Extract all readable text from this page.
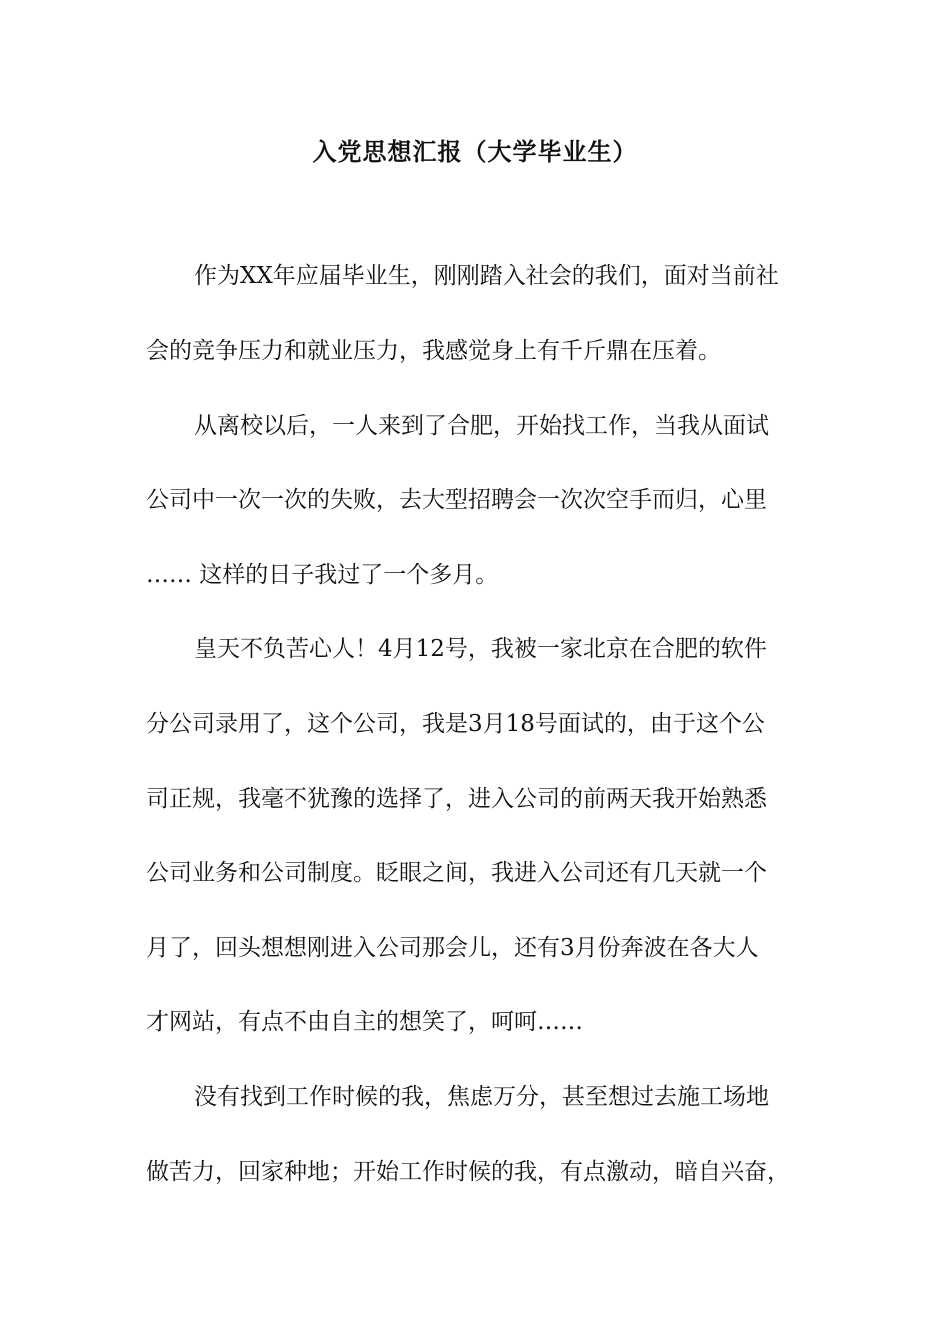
入党思想汇报（大学毕业生）
作为XX年应届毕业生，刚刚踏入社会的我们，面对当前社
会的竞争压力和就业压力，我感觉身上有千斤鼎在压着。
从离校以后，一人来到了合肥，开始找工作，当我从面试
公司中一次一次的失败，去大型招聘会一次次空手而归，心里
…… 这样的日子我过了一个多月。
皇天不负苦心人！4月12号，我被一家北京在合肥的软件
分公司录用了，这个公司，我是3月18号面试的，由于这个公
司正规，我毫不犹豫的选择了，进入公司的前两天我开始熟悉
公司业务和公司制度。眨眼之间，我进入公司还有几天就一个
月了，回头想想刚进入公司那会儿，还有3月份奔波在各大人
才网站，有点不由自主的想笑了，呵呵……
没有找到工作时候的我，焦虑万分，甚至想过去施工场地
做苦力，回家种地；开始工作时候的我，有点激动，暗自兴奋，
